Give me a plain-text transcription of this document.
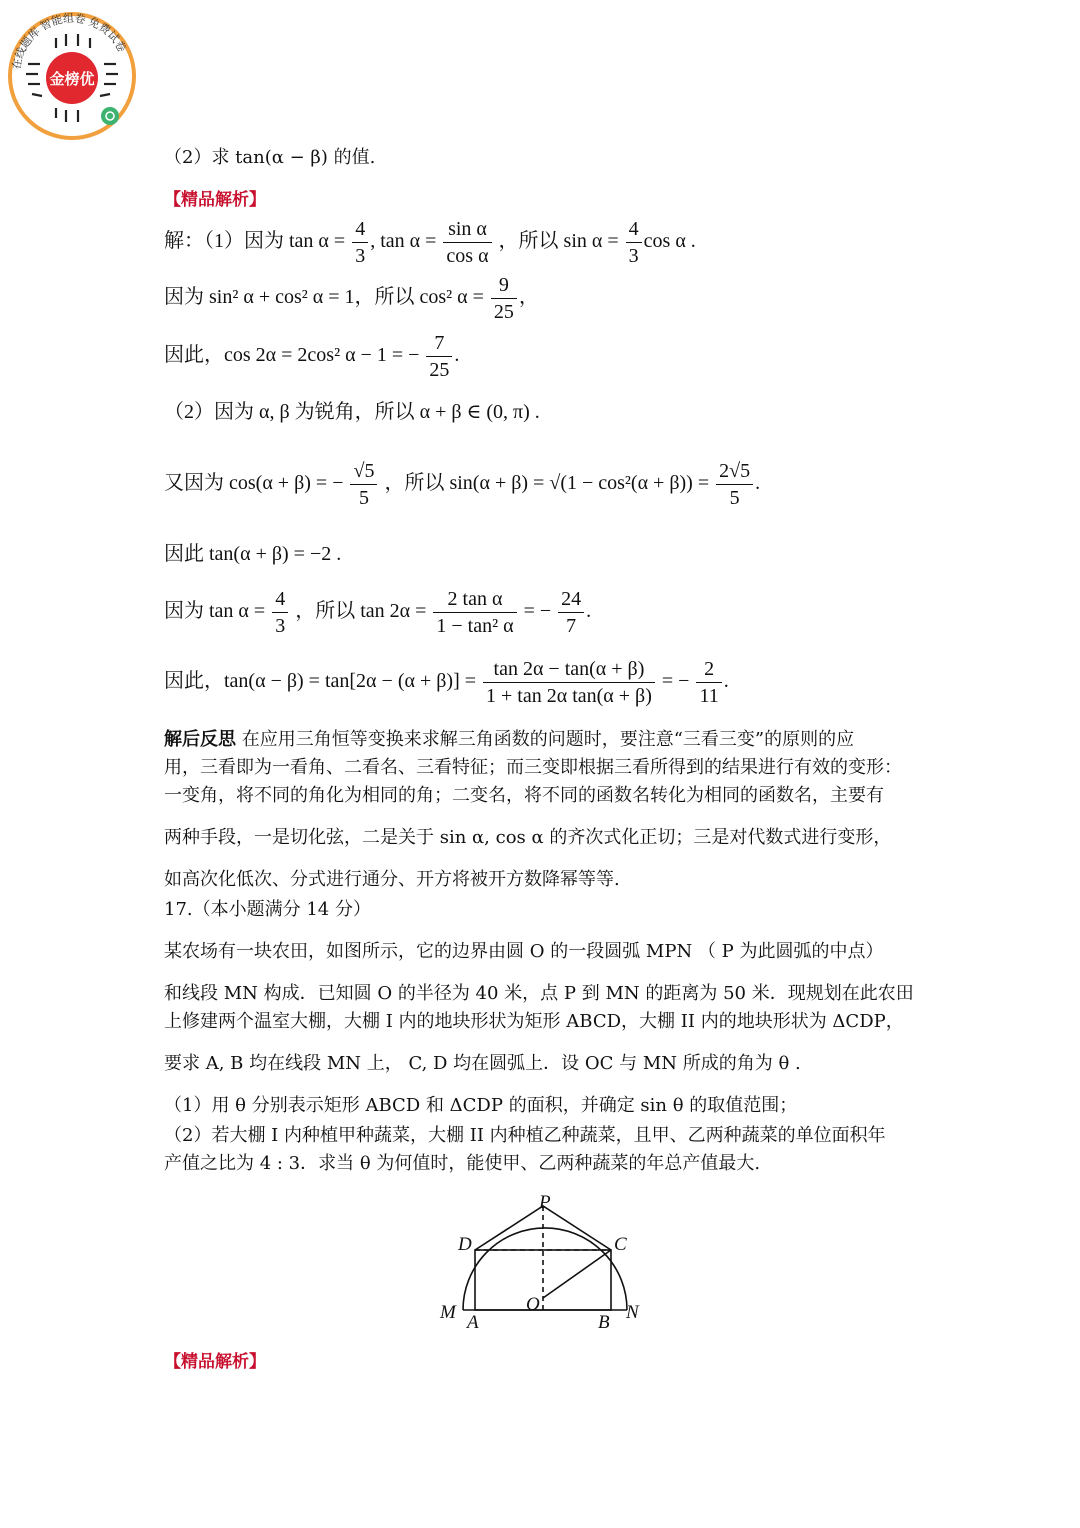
金榜优
在线题库 智能组卷 免费试卷
（2）求 tan(α − β) 的值.
【精品解析】
解：（1）因为 $\tan \alpha = \frac{4}{3}$ , $\tan \alpha = \frac{\text{sin α}}{\text{cos α}}$ ，所以 $\sin \alpha = \frac{4}{3}$ cos α .
因为 sin² α + cos² α = 1，所以 cos² $\alpha = \frac{9}{25}$ ，
因此，cos 2α = 2cos² α − 1 = − $\frac{7}{25}$ .
（2）因为 α, β 为锐角，所以 α + β ∈ (0, π) .
又因为 cos(α + β) = − $\frac{√5}{5}$ ，所以 $\sin(\alpha + \beta) = √(1 - \cos^2(\alpha + \beta)) = \frac{2√5}{5}$ .
因此 tan(α + β) = −2 .
因为 $\tan \alpha = \frac{4}{3}$ ，所以 $\tan 2\alpha = \frac{\text{2 tan α}}{\text{1 − tan² α}}$ = − $\frac{24}{7}$ .
因此，$\tan(\alpha - \beta) = \tan[2\alpha - (\alpha + \beta)] = \frac{\tan 2\alpha - \tan(\alpha + \beta)}{\text{1 + tan 2α tan(α + β)}}$ = − $\frac{2}{11}$ .
解后反思 在应用三角恒等变换来求解三角函数的问题时，要注意“三看三变”的原则的应
用，三看即为一看角、二看名、三看特征；而三变即根据三看所得到的结果进行有效的变形：
一变角，将不同的角化为相同的角；二变名，将不同的函数名转化为相同的函数名，主要有
两种手段，一是切化弦，二是关于 sin α, cos α 的齐次式化正切；三是对代数式进行变形，
如高次化低次、分式进行通分、开方将被开方数降幂等等.
17.（本小题满分 14 分）
某农场有一块农田，如图所示，它的边界由圆 O 的一段圆弧 MPN （ P 为此圆弧的中点）
和线段 MN 构成．已知圆 O 的半径为 40 米，点 P 到 MN 的距离为 50 米．现规划在此农田
上修建两个温室大棚，大棚 I 内的地块形状为矩形 ABCD，大棚 II 内的地块形状为 ΔCDP，
要求 A, B 均在线段 MN 上， C, D 均在圆弧上．设 OC 与 MN 所成的角为 θ .
（1）用 θ 分别表示矩形 ABCD 和 ΔCDP 的面积，并确定 sin θ 的取值范围；
（2）若大棚 I 内种植甲种蔬菜，大棚 II 内种植乙种蔬菜，且甲、乙两种蔬菜的单位面积年
产值之比为 4 : 3．求当 θ 为何值时，能使甲、乙两种蔬菜的年总产值最大.
P
D	C
O
M	N
A	B
【精品解析】
